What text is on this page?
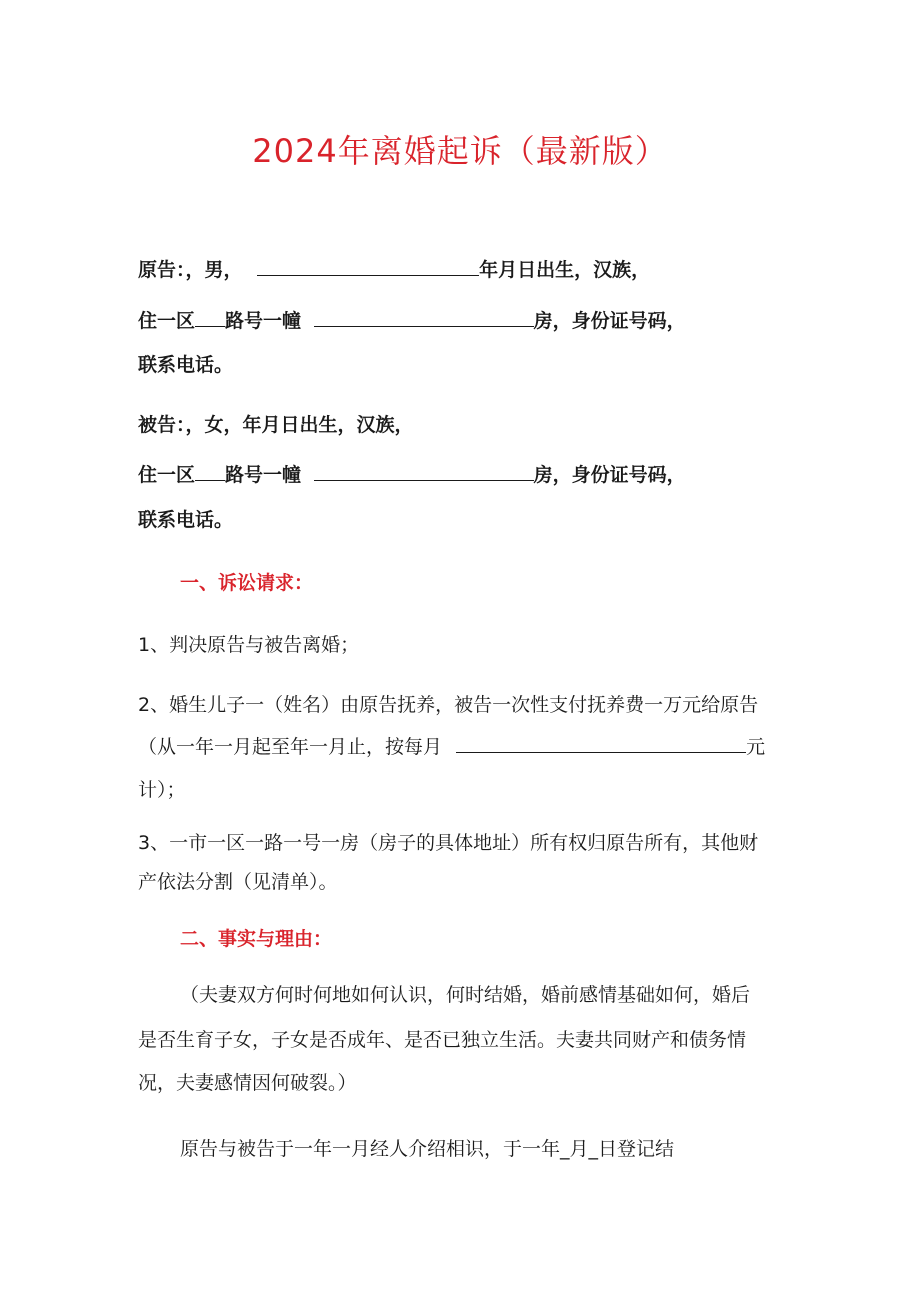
2024年离婚起诉（最新版）
原告：，男，	年月日出生，汉族，
住一区 路号一幢	房，身份证号码，
联系电话。
被告：，女，年月日出生，汉族，
住一区 路号一幢	房，身份证号码，
联系电话。
一、诉讼请求：
1、判决原告与被告离婚；
2、婚生儿子一（姓名）由原告抚养，被告一次性支付抚养费一万元给原告
（从一年一月起至年一月止，按每月	元
计）；
3、一市一区一路一号一房（房子的具体地址）所有权归原告所有，其他财
产依法分割（见清单）。
二、事实与理由：
（夫妻双方何时何地如何认识，何时结婚，婚前感情基础如何，婚后
是否生育子女，子女是否成年、是否已独立生活。夫妻共同财产和债务情
况，夫妻感情因何破裂。）
原告与被告于一年一月经人介绍相识，于一年_月_日登记结
